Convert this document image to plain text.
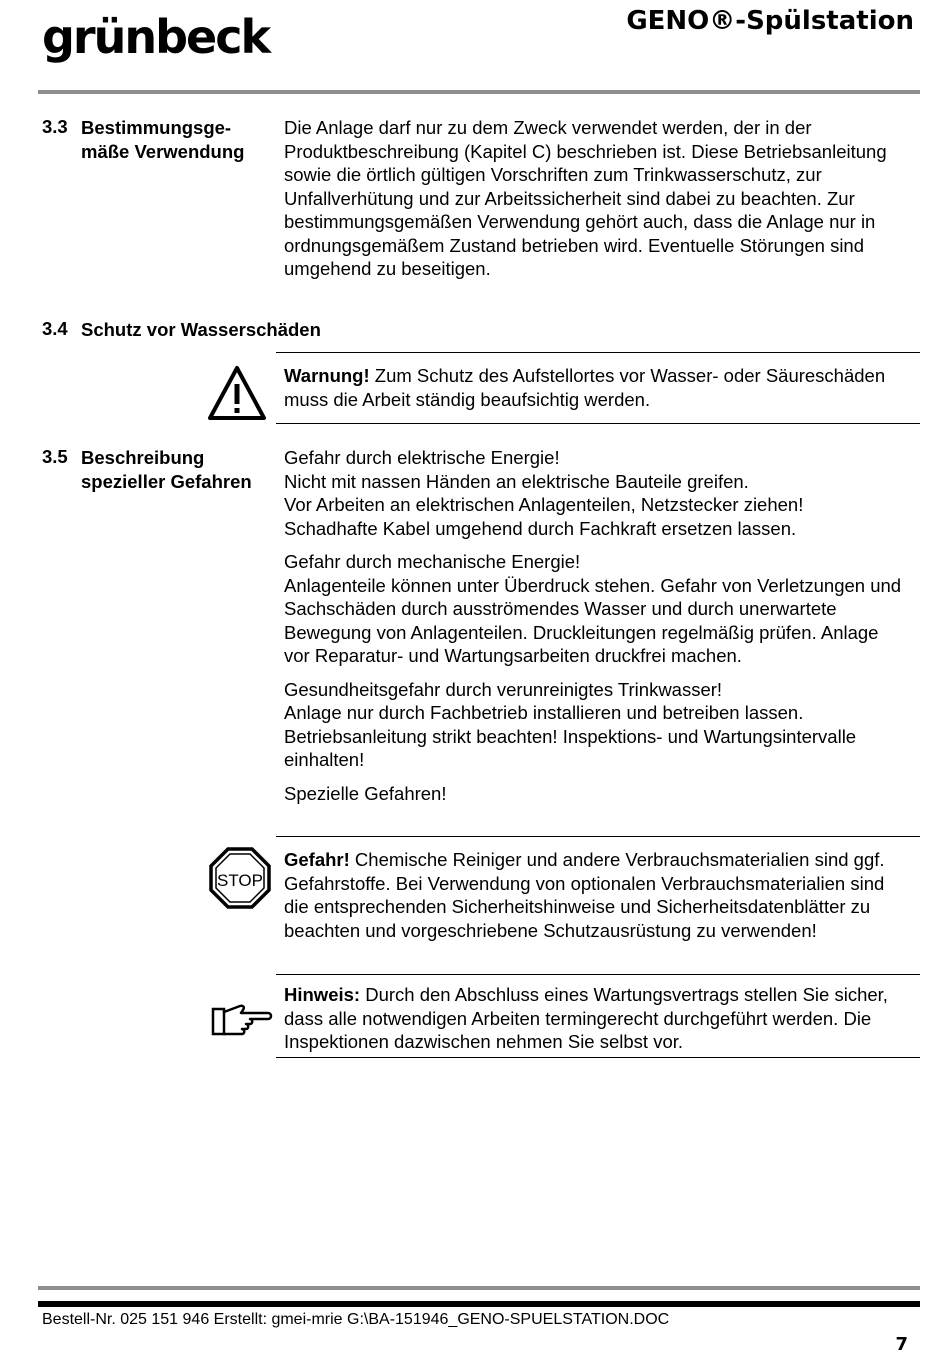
grünbeck	GENO®-Spülstation
3.3 Bestimmungsge-
mäße Verwendung

Die Anlage darf nur zu dem Zweck verwendet werden, der in der Produktbeschreibung (Kapitel C) beschrieben ist. Diese Betriebsanleitung sowie die örtlich gültigen Vorschriften zum Trinkwasserschutz, zur Unfallverhütung und zur Arbeitssicherheit sind dabei zu beachten. Zur bestimmungsgemäßen Verwendung gehört auch, dass die Anlage nur in ordnungsgemäßem Zustand betrieben wird. Eventuelle Störungen sind umgehend zu beseitigen.

3.4 Schutz vor Wasserschäden
Warnung! Zum Schutz des Aufstellortes vor Wasser- oder Säureschäden muss die Arbeit ständig beaufsichtig werden.
3.5 Beschreibung
spezieller Gefahren
Gefahr durch elektrische Energie!
Nicht mit nassen Händen an elektrische Bauteile greifen.
Vor Arbeiten an elektrischen Anlagenteilen, Netzstecker ziehen!
Schadhafte Kabel umgehend durch Fachkraft ersetzen lassen.
Gefahr durch mechanische Energie!
Anlagenteile können unter Überdruck stehen. Gefahr von Verletzungen und Sachschäden durch ausströmendes Wasser und durch unerwartete Bewegung von Anlagenteilen. Druckleitungen regelmäßig prüfen. Anlage vor Reparatur- und Wartungsarbeiten druckfrei machen.
Gesundheitsgefahr durch verunreinigtes Trinkwasser!
Anlage nur durch Fachbetrieb installieren und betreiben lassen. Betriebsanleitung strikt beachten! Inspektions- und Wartungsintervalle einhalten!
Spezielle Gefahren!
STOP
Gefahr! Chemische Reiniger und andere Verbrauchsmaterialien sind ggf. Gefahrstoffe. Bei Verwendung von optionalen Verbrauchsmaterialien sind die entsprechenden Sicherheitshinweise und Sicherheitsdatenblätter zu beachten und vorgeschriebene Schutzausrüstung zu verwenden!
Hinweis: Durch den Abschluss eines Wartungsvertrags stellen Sie sicher, dass alle notwendigen Arbeiten termingerecht durchgeführt werden. Die Inspektionen dazwischen nehmen Sie selbst vor.
Bestell-Nr. 025 151 946 Erstellt: gmei-mrie G:\BA-151946_GENO-SPUELSTATION.DOC
7
